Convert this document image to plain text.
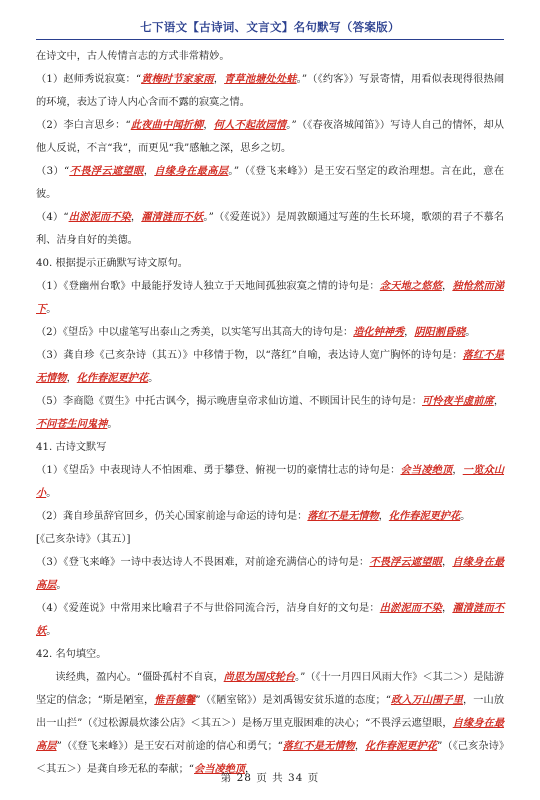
七下语文【古诗词、文言文】名句默写（答案版）

在诗文中，古人传情言志的方式非常精妙。

（1）赵师秀说寂寞：“黄梅时节家家雨，青草池塘处处蛙。”（《约客》）写景寄情，用看似表现得很热闹的环境，表达了诗人内心含而不露的寂寞之情。

（2）李白言思乡：“此夜曲中闻折柳，何人不起故园情。”（《春夜洛城闻笛》）写诗人自己的情怀，却从他人反说，不言“我”，而更见“我”感触之深，思乡之切。

（3）“不畏浮云遮望眼，自缘身在最高层。”（《登飞来峰》）是王安石坚定的政治理想。言在此，意在彼。

（4）“出淤泥而不染，濯清涟而不妖。”（《爱莲说》）是周敦颐通过写莲的生长环境，歌颂的君子不慕名利、洁身自好的美德。

40. 根据提示正确默写诗文原句。

（1）《登幽州台歌》中最能抒发诗人独立于天地间孤独寂寞之情的诗句是：念天地之悠悠，独怆然而涕下。

（2）《望岳》中以虚笔写出泰山之秀美，以实笔写出其高大的诗句是：造化钟神秀，阴阳割昏晓。

（3）龚自珍《己亥杂诗（其五）》中移情于物，以“落红”自喻，表达诗人宽广胸怀的诗句是：落红不是无情物，化作春泥更护花。

（5）李商隐《贾生》中托古讽今，揭示晚唐皇帝求仙访道、不顾国计民生的诗句是：可怜夜半虚前席，不问苍生问鬼神。

41. 古诗文默写

（1）《望岳》中表现诗人不怕困难、勇于攀登、俯视一切的豪情壮志的诗句是：会当凌绝顶，一览众山小。

（2）龚自珍虽辞官回乡，仍关心国家前途与命运的诗句是：落红不是无情物，化作春泥更护花。

[《己亥杂诗》（其五）]

（3）《登飞来峰》一诗中表达诗人不畏困难，对前途充满信心的诗句是：不畏浮云遮望眼，自缘身在最高层。

（4）《爱莲说》中常用来比喻君子不与世俗同流合污，洁身自好的文句是：出淤泥而不染，濯清涟而不妖。

42. 名句填空。

读经典，盈内心。“僵卧孤村不自哀，尚思为国戍轮台。”（《十一月四日风雨大作》＜其二＞）是陆游坚定的信念；“斯是陋室，惟吾德馨”（《陋室铭》）是刘禹锡安贫乐道的态度；“政入万山围子里，一山放出一山拦”（《过松源晨炊漆公店》＜其五＞）是杨万里克服困难的决心；“不畏浮云遮望眼，自缘身在最高层”（《登飞来峰》）是王安石对前途的信心和勇气；“落红不是无情物，化作春泥更护花”（《己亥杂诗》＜其五＞）是龚自珍无私的奉献；“会当凌绝顶，

第 28 页 共 34 页
